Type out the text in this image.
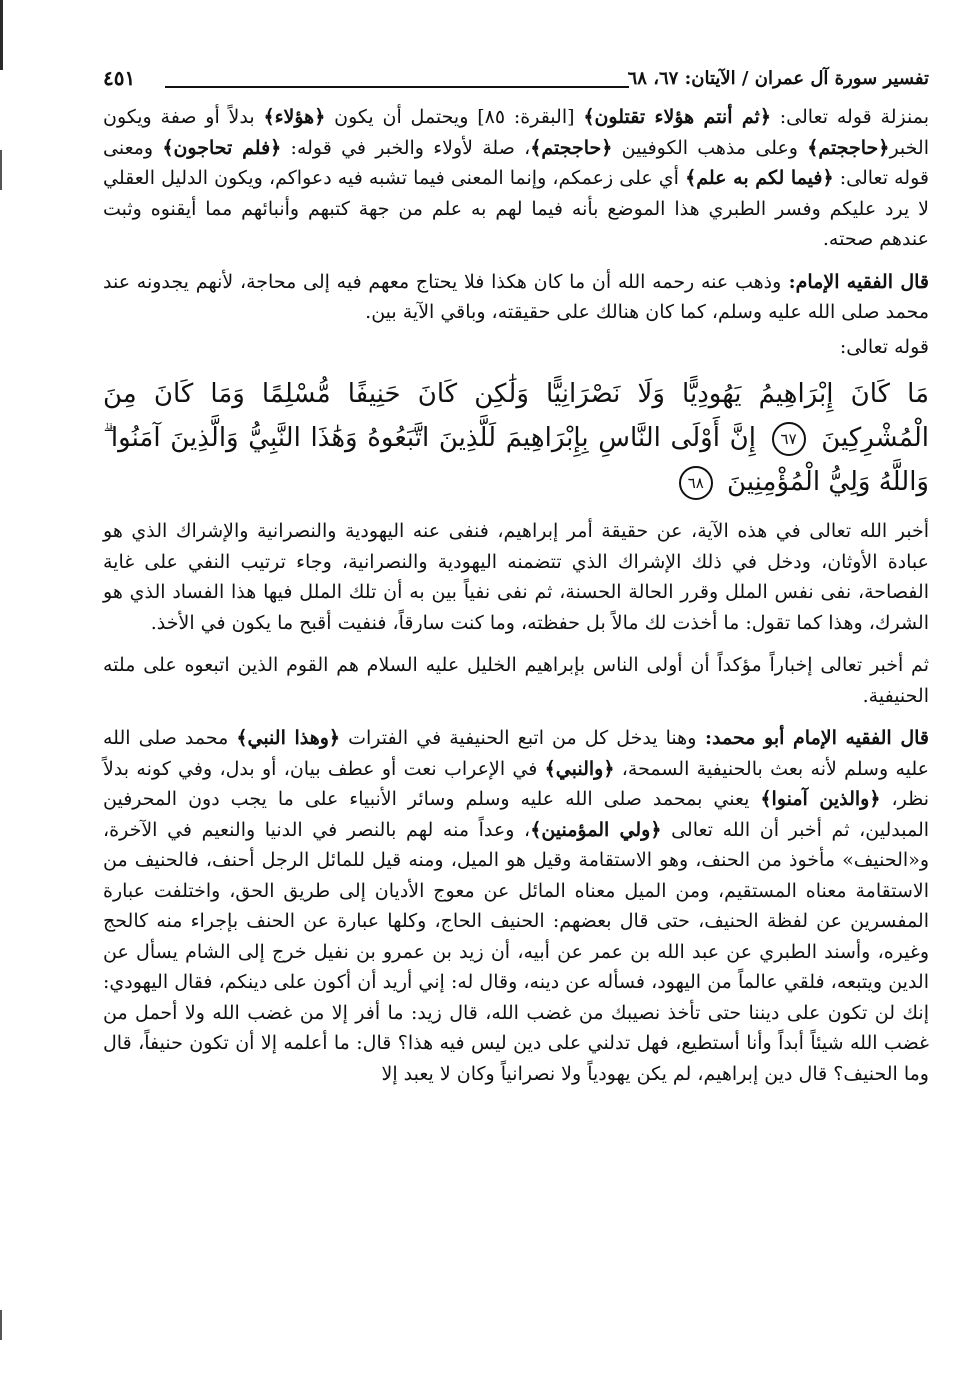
تفسير سورة آل عمران / الآيتان: ٦٧، ٦٨
٤٥١

بمنزلة قوله تعالى: ﴿ثم أنتم هؤلاء تقتلون﴾ [البقرة: ٨٥] ويحتمل أن يكون ﴿هؤلاء﴾ بدلاً أو صفة ويكون الخبر﴿حاججتم﴾ وعلى مذهب الكوفيين ﴿حاججتم﴾، صلة لأولاء والخبر في قوله: ﴿فلم تحاجون﴾ ومعنى قوله تعالى: ﴿فيما لكم به علم﴾ أي على زعمكم، وإنما المعنى فيما تشبه فيه دعواكم، ويكون الدليل العقلي لا يرد عليكم وفسر الطبري هذا الموضع بأنه فيما لهم به علم من جهة كتبهم وأنبائهم مما أيقنوه وثبت عندهم صحته.

قال الفقيه الإمام: وذهب عنه رحمه الله أن ما كان هكذا فلا يحتاج معهم فيه إلى محاجة، لأنهم يجدونه عند محمد صلى الله عليه وسلم، كما كان هنالك على حقيقته، وباقي الآية بين.

قوله تعالى:

مَا كَانَ إِبْرَاهِيمُ يَهُودِيًّا وَلَا نَصْرَانِيًّا وَلَٰكِن كَانَ حَنِيفًا مُّسْلِمًا وَمَا كَانَ مِنَ الْمُشْرِكِينَ ٦٧ إِنَّ أَوْلَى النَّاسِ بِإِبْرَاهِيمَ لَلَّذِينَ اتَّبَعُوهُ وَهَٰذَا النَّبِيُّ وَالَّذِينَ آمَنُوا ۗ وَاللَّهُ وَلِيُّ الْمُؤْمِنِينَ ٦٨

أخبر الله تعالى في هذه الآية، عن حقيقة أمر إبراهيم، فنفى عنه اليهودية والنصرانية والإشراك الذي هو عبادة الأوثان، ودخل في ذلك الإشراك الذي تتضمنه اليهودية والنصرانية، وجاء ترتيب النفي على غاية الفصاحة، نفى نفس الملل وقرر الحالة الحسنة، ثم نفى نفياً بين به أن تلك الملل فيها هذا الفساد الذي هو الشرك، وهذا كما تقول: ما أخذت لك مالاً بل حفظته، وما كنت سارقاً، فنفيت أقبح ما يكون في الأخذ.

ثم أخبر تعالى إخباراً مؤكداً أن أولى الناس بإبراهيم الخليل عليه السلام هم القوم الذين اتبعوه على ملته الحنيفية.

قال الفقيه الإمام أبو محمد: وهنا يدخل كل من اتبع الحنيفية في الفترات ﴿وهذا النبي﴾ محمد صلى الله عليه وسلم لأنه بعث بالحنيفية السمحة، ﴿والنبي﴾ في الإعراب نعت أو عطف بيان، أو بدل، وفي كونه بدلاً نظر، ﴿والذين آمنوا﴾ يعني بمحمد صلى الله عليه وسلم وسائر الأنبياء على ما يجب دون المحرفين المبدلين، ثم أخبر أن الله تعالى ﴿ولي المؤمنين﴾، وعداً منه لهم بالنصر في الدنيا والنعيم في الآخرة، و«الحنيف» مأخوذ من الحنف، وهو الاستقامة وقيل هو الميل، ومنه قيل للمائل الرجل أحنف، فالحنيف من الاستقامة معناه المستقيم، ومن الميل معناه المائل عن معوج الأديان إلى طريق الحق، واختلفت عبارة المفسرين عن لفظة الحنيف، حتى قال بعضهم: الحنيف الحاج، وكلها عبارة عن الحنف بإجراء منه كالحج وغيره، وأسند الطبري عن عبد الله بن عمر عن أبيه، أن زيد بن عمرو بن نفيل خرج إلى الشام يسأل عن الدين ويتبعه، فلقي عالماً من اليهود، فسأله عن دينه، وقال له: إني أريد أن أكون على دينكم، فقال اليهودي: إنك لن تكون على ديننا حتى تأخذ نصيبك من غضب الله، قال زيد: ما أفر إلا من غضب الله ولا أحمل من غضب الله شيئاً أبداً وأنا أستطيع، فهل تدلني على دين ليس فيه هذا؟ قال: ما أعلمه إلا أن تكون حنيفاً، قال وما الحنيف؟ قال دين إبراهيم، لم يكن يهودياً ولا نصرانياً وكان لا يعبد إلا
